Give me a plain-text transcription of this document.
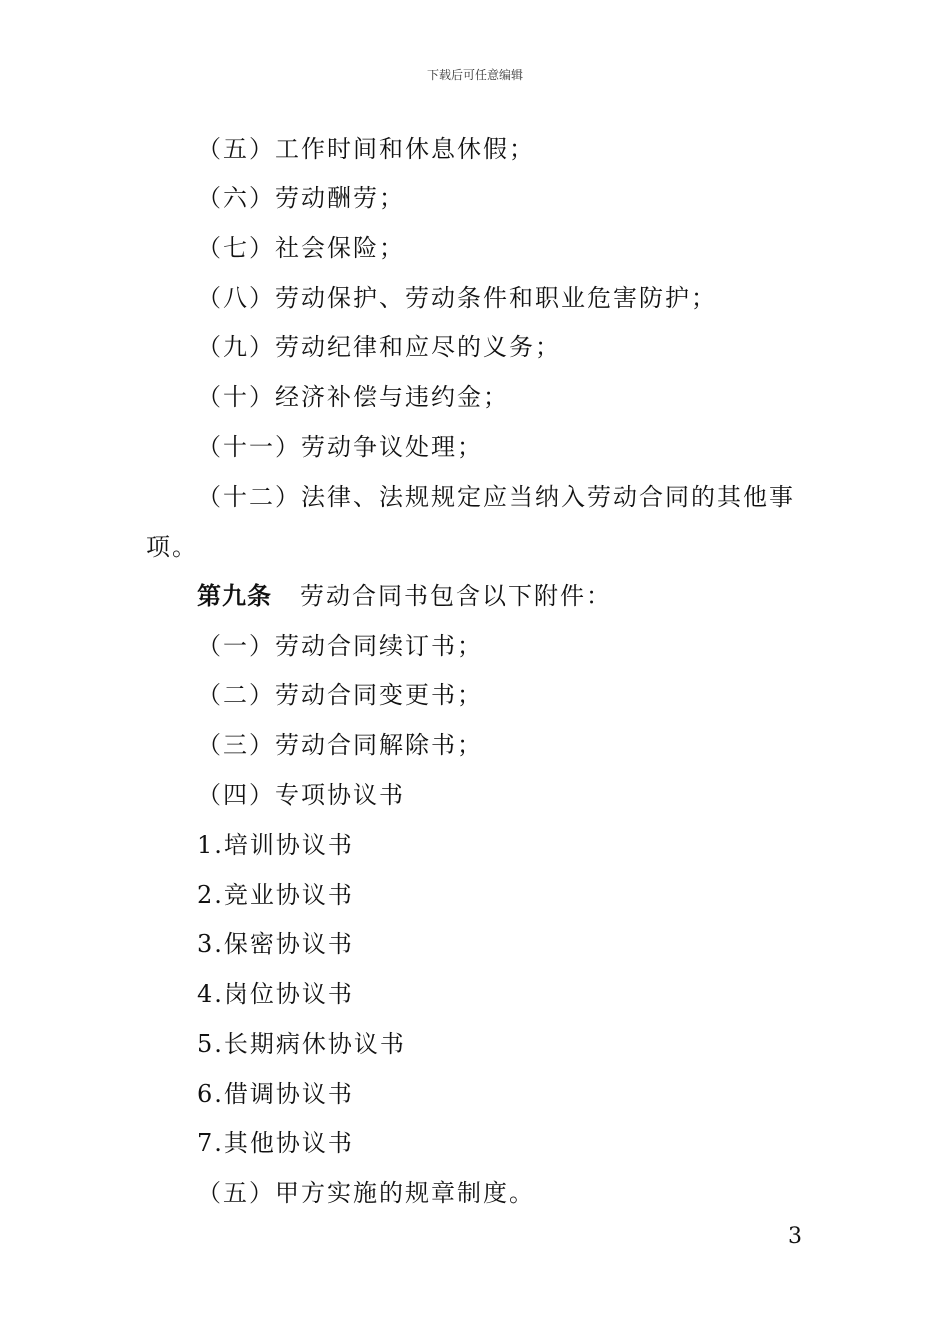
下载后可任意编辑
（五）工作时间和休息休假；
（六）劳动酬劳；
（七）社会保险；
（八）劳动保护、劳动条件和职业危害防护；
（九）劳动纪律和应尽的义务；
（十）经济补偿与违约金；
（十一）劳动争议处理；
（十二）法律、法规规定应当纳入劳动合同的其他事
项。
第九条 劳动合同书包含以下附件：
（一）劳动合同续订书；
（二）劳动合同变更书；
（三）劳动合同解除书；
（四）专项协议书
1.培训协议书
2.竞业协议书
3.保密协议书
4.岗位协议书
5.长期病休协议书
6.借调协议书
7.其他协议书
（五）甲方实施的规章制度。
3
